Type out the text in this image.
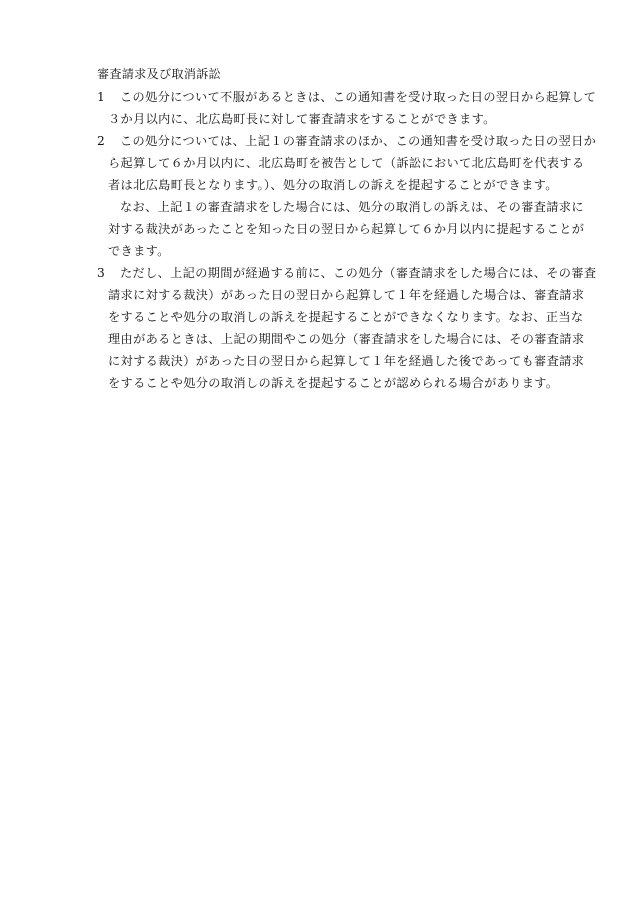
審査請求及び取消訴訟
1 この処分について不服があるときは、この通知書を受け取った日の翌日から起算して
３か月以内に、北広島町長に対して審査請求をすることができます。
2 この処分については、上記１の審査請求のほか、この通知書を受け取った日の翌日か
ら起算して６か月以内に、北広島町を被告として（訴訟において北広島町を代表する
者は北広島町長となります。）、処分の取消しの訴えを提起することができます。
なお、上記１の審査請求をした場合には、処分の取消しの訴えは、その審査請求に
対する裁決があったことを知った日の翌日から起算して６か月以内に提起することが
できます。
3 ただし、上記の期間が経過する前に、この処分（審査請求をした場合には、その審査
請求に対する裁決）があった日の翌日から起算して１年を経過した場合は、審査請求
をすることや処分の取消しの訴えを提起することができなくなります。なお、正当な
理由があるときは、上記の期間やこの処分（審査請求をした場合には、その審査請求
に対する裁決）があった日の翌日から起算して１年を経過した後であっても審査請求
をすることや処分の取消しの訴えを提起することが認められる場合があります。
